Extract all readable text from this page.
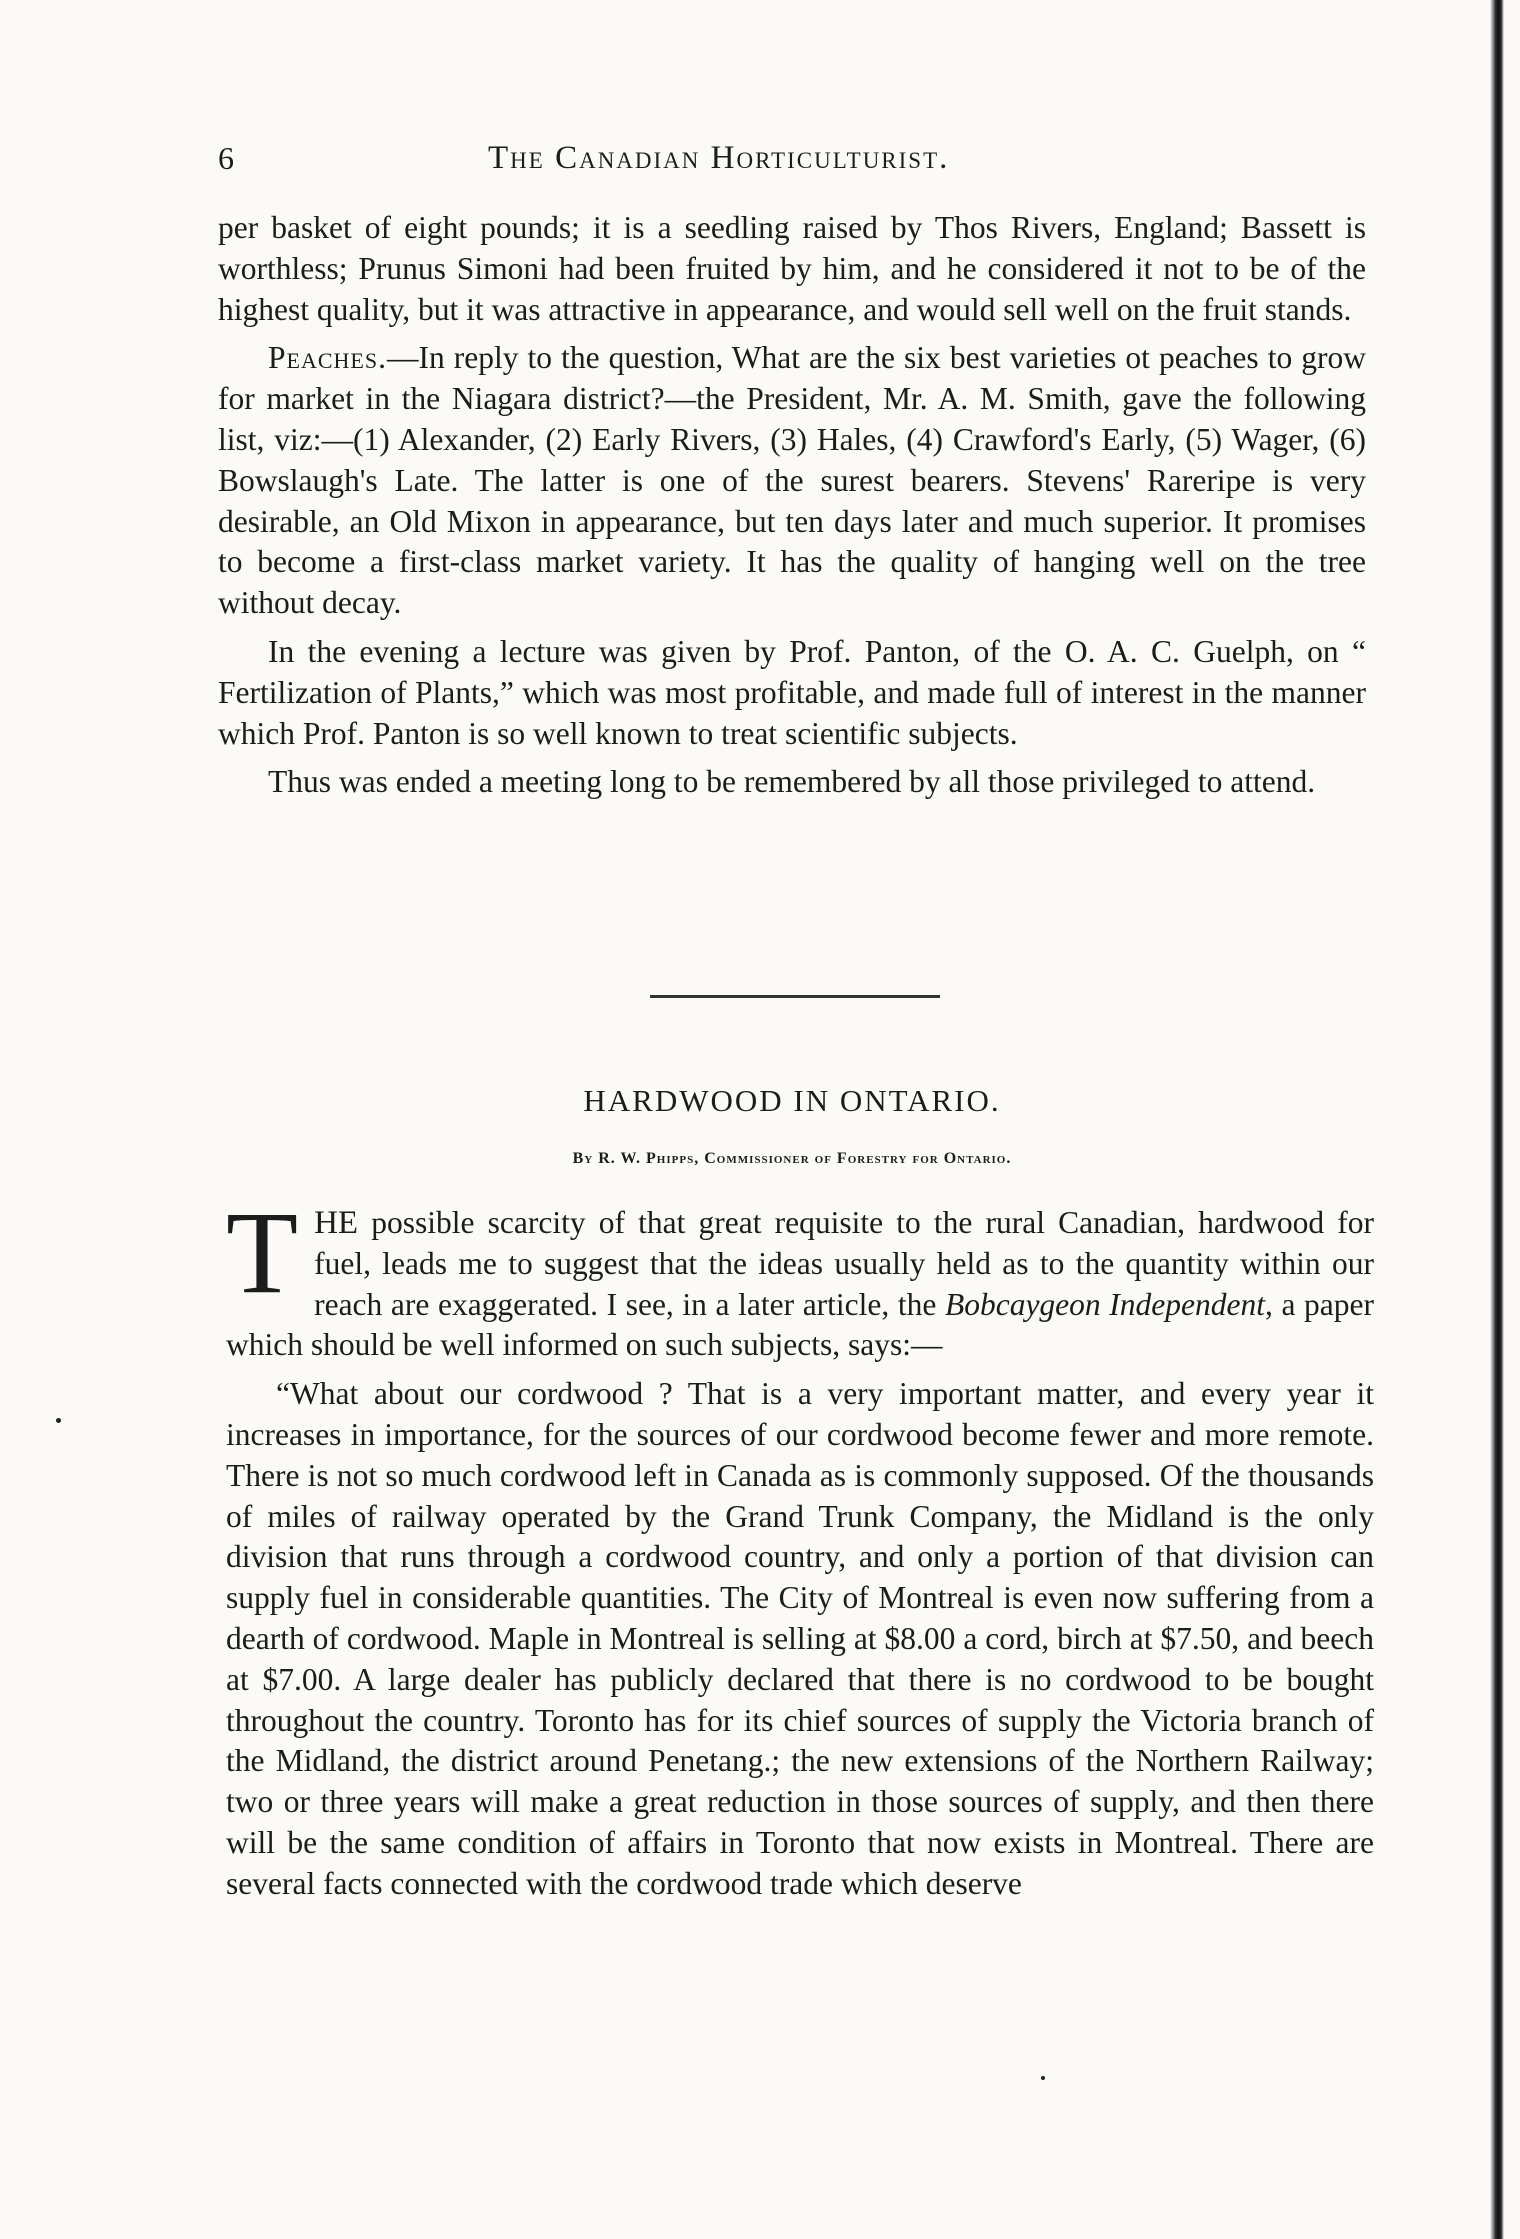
6	The Canadian Horticulturist.

per basket of eight pounds; it is a seedling raised by Thos Rivers, England; Bassett is worthless; Prunus Simoni had been fruited by him, and he considered it not to be of the highest quality, but it was attractive in appearance, and would sell well on the fruit stands.

Peaches.—In reply to the question, What are the six best varieties ot peaches to grow for market in the Niagara district?—the President, Mr. A. M. Smith, gave the following list, viz:—(1) Alexander, (2) Early Rivers, (3) Hales, (4) Crawford's Early, (5) Wager, (6) Bowslaugh's Late. The latter is one of the surest bearers. Stevens' Rareripe is very desirable, an Old Mixon in appearance, but ten days later and much superior. It promises to become a first-class market variety. It has the quality of hanging well on the tree without decay.

In the evening a lecture was given by Prof. Panton, of the O. A. C. Guelph, on “ Fertilization of Plants,” which was most profitable, and made full of interest in the manner which Prof. Panton is so well known to treat scientific subjects.

Thus was ended a meeting long to be remembered by all those privileged to attend.

HARDWOOD IN ONTARIO.
By R. W. Phipps, Commissioner of Forestry for Ontario.

THE possible scarcity of that great requisite to the rural Canadian, hardwood for fuel, leads me to suggest that the ideas usually held as to the quantity within our reach are exaggerated. I see, in a later article, the Bobcaygeon Independent, a paper which should be well informed on such subjects, says:—

“What about our cordwood ? That is a very important matter, and every year it increases in importance, for the sources of our cordwood become fewer and more remote. There is not so much cordwood left in Canada as is commonly supposed. Of the thousands of miles of railway operated by the Grand Trunk Company, the Midland is the only division that runs through a cordwood country, and only a portion of that division can supply fuel in considerable quantities. The City of Montreal is even now suffering from a dearth of cordwood. Maple in Montreal is selling at $8.00 a cord, birch at $7.50, and beech at $7.00. A large dealer has publicly declared that there is no cordwood to be bought throughout the country. Toronto has for its chief sources of supply the Victoria branch of the Midland, the district around Penetang.; the new extensions of the Northern Railway; two or three years will make a great reduction in those sources of supply, and then there will be the same condition of affairs in Toronto that now exists in Montreal. There are several facts connected with the cordwood trade which deserve
